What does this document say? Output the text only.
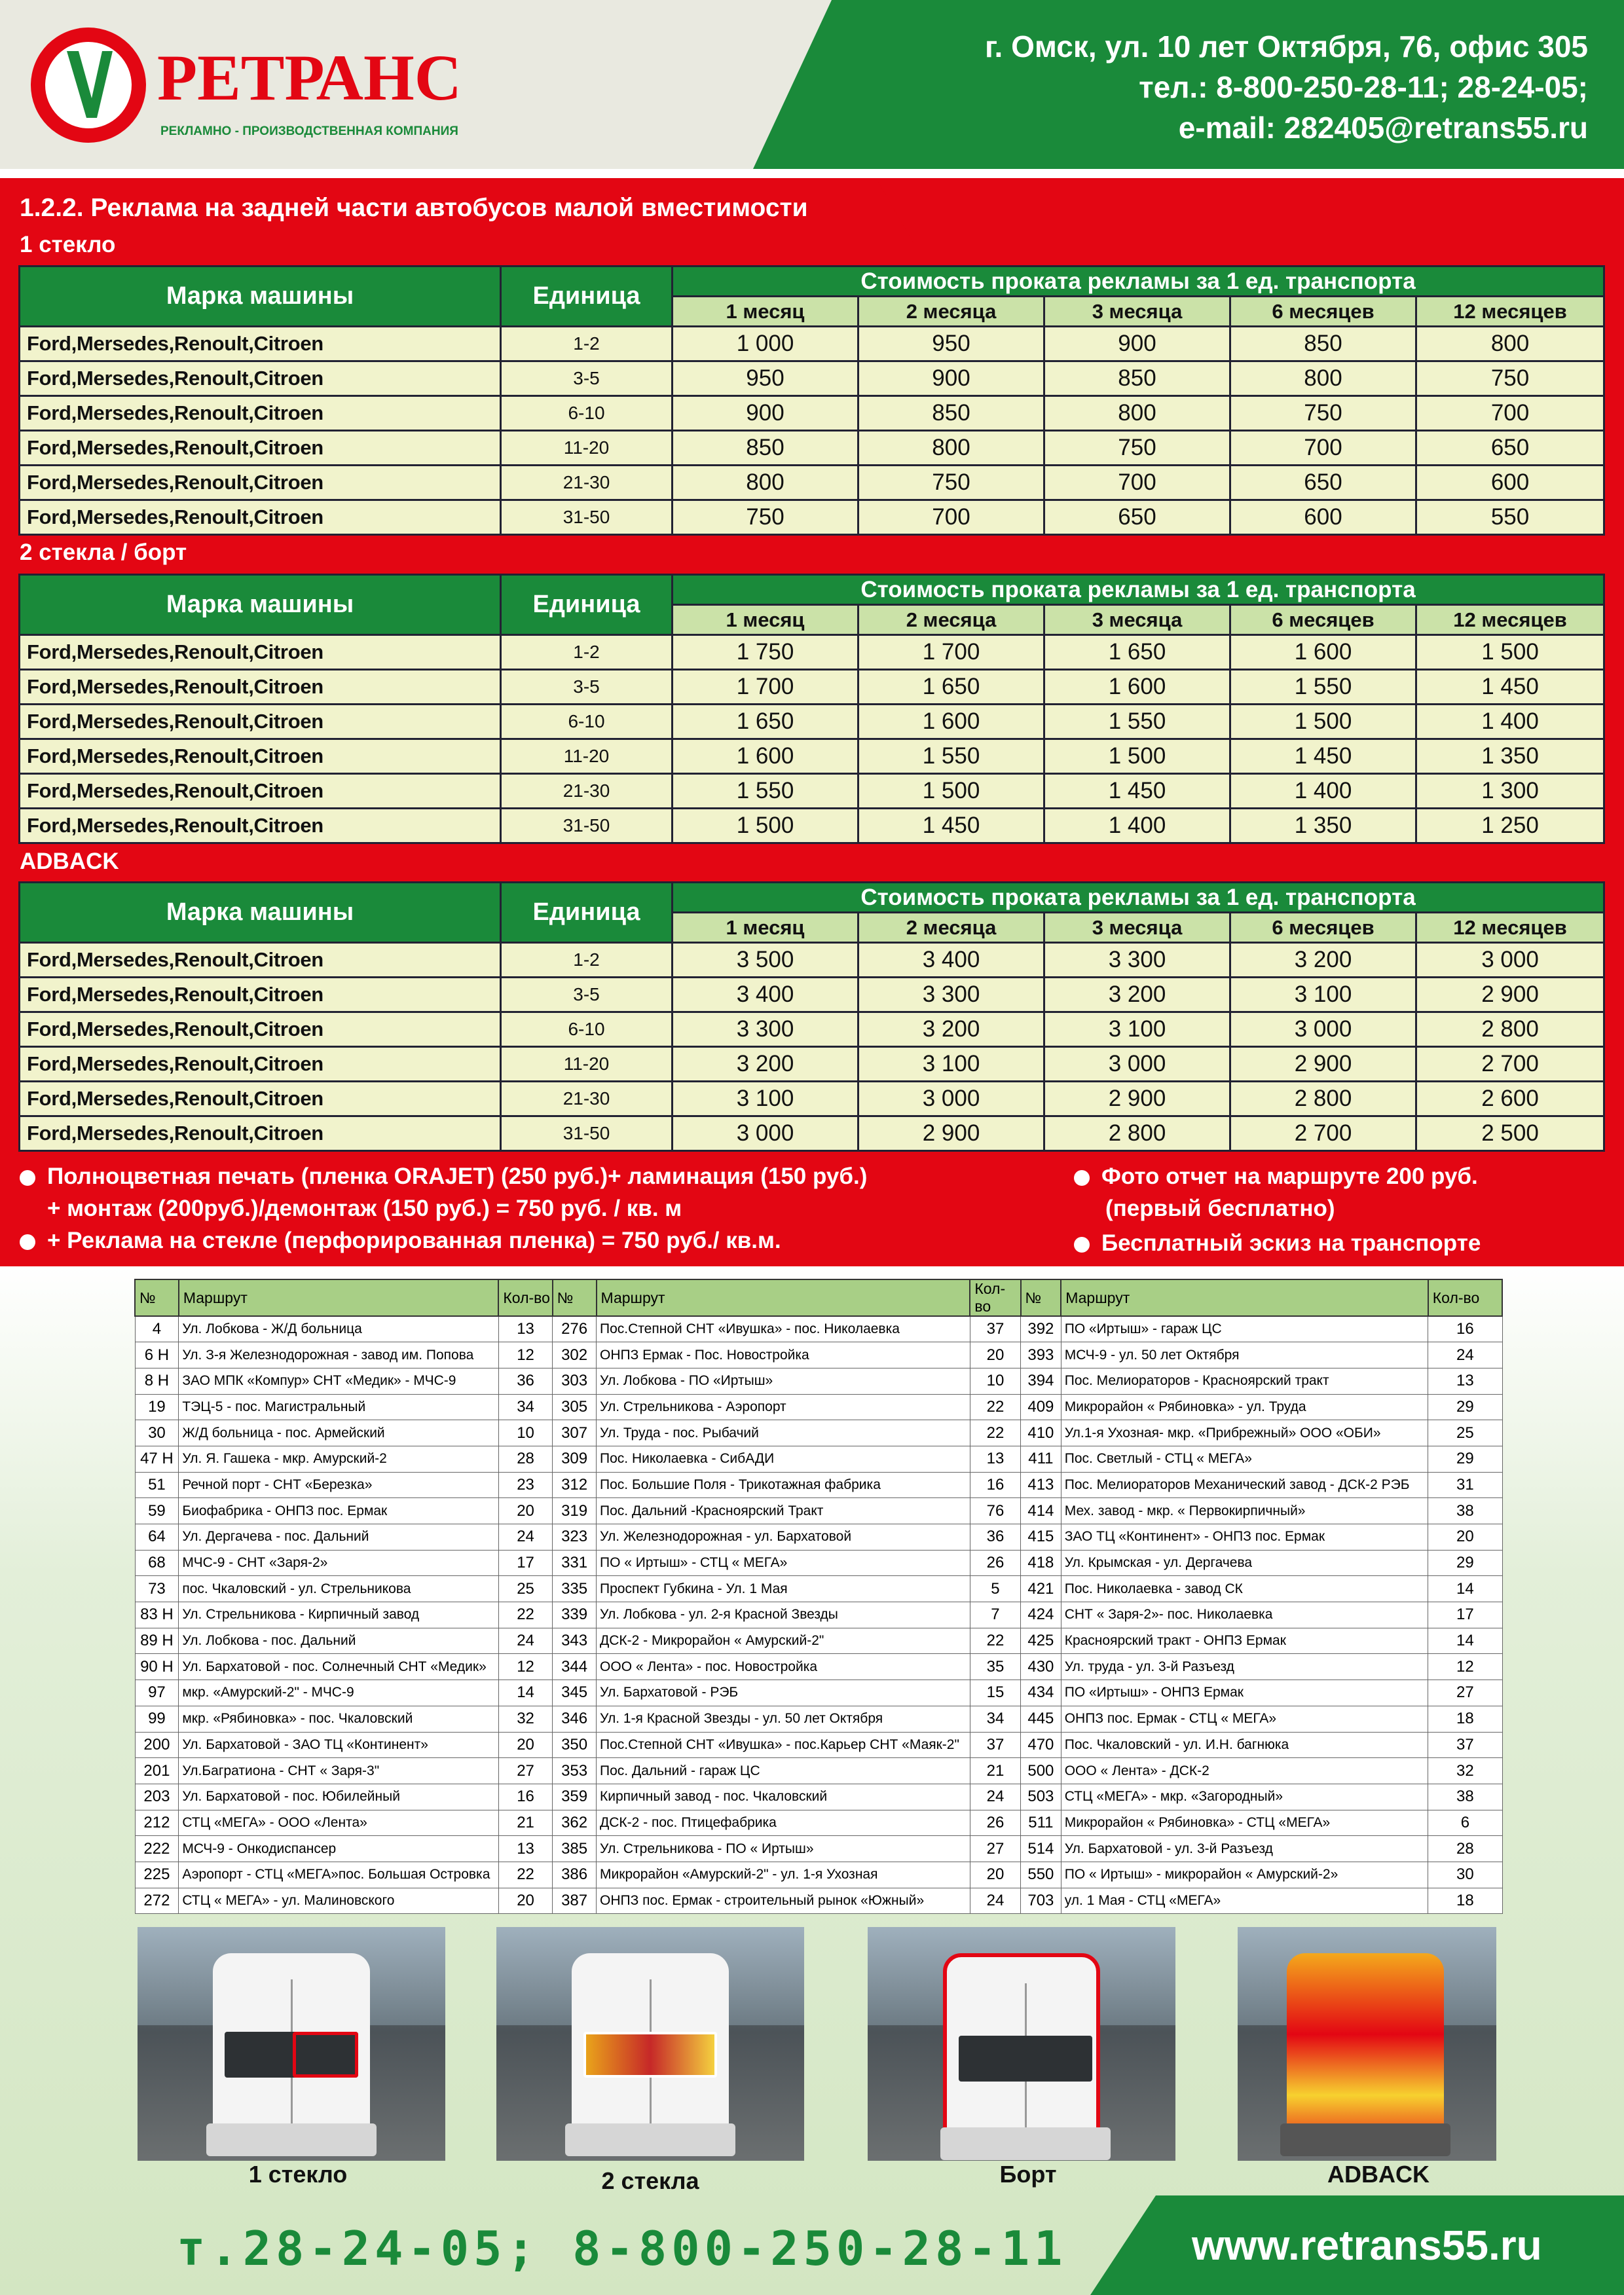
РЕТРАНС
РЕКЛАМНО - ПРОИЗВОДСТВЕННАЯ КОМПАНИЯ
г. Омск, ул. 10 лет Октября, 76, офис 305
тел.: 8-800-250-28-11; 28-24-05;
e-mail: 282405@retrans55.ru
1.2.2. Реклама на задней части автобусов малой вместимости
1 стекло
Марка машины	Единица	Стоимость проката рекламы за 1 ед. транспорта				
		1 месяц	2 месяца	3 месяца	6 месяцев	12 месяцев
Ford,Mersedes,Renoult,Citroen	1-2	1 000	950	900	850	800
Ford,Mersedes,Renoult,Citroen	3-5	950	900	850	800	750
Ford,Mersedes,Renoult,Citroen	6-10	900	850	800	750	700
Ford,Mersedes,Renoult,Citroen	11-20	850	800	750	700	650
Ford,Mersedes,Renoult,Citroen	21-30	800	750	700	650	600
Ford,Mersedes,Renoult,Citroen	31-50	750	700	650	600	550
2 стекла / борт
Марка машины	Единица	Стоимость проката рекламы за 1 ед. транспорта				
		1 месяц	2 месяца	3 месяца	6 месяцев	12 месяцев
Ford,Mersedes,Renoult,Citroen	1-2	1 750	1 700	1 650	1 600	1 500
Ford,Mersedes,Renoult,Citroen	3-5	1 700	1 650	1 600	1 550	1 450
Ford,Mersedes,Renoult,Citroen	6-10	1 650	1 600	1 550	1 500	1 400
Ford,Mersedes,Renoult,Citroen	11-20	1 600	1 550	1 500	1 450	1 350
Ford,Mersedes,Renoult,Citroen	21-30	1 550	1 500	1 450	1 400	1 300
Ford,Mersedes,Renoult,Citroen	31-50	1 500	1 450	1 400	1 350	1 250
ADBACK
Марка машины	Единица	Стоимость проката рекламы за 1 ед. транспорта				
		1 месяц	2 месяца	3 месяца	6 месяцев	12 месяцев
Ford,Mersedes,Renoult,Citroen	1-2	3 500	3 400	3 300	3 200	3 000
Ford,Mersedes,Renoult,Citroen	3-5	3 400	3 300	3 200	3 100	2 900
Ford,Mersedes,Renoult,Citroen	6-10	3 300	3 200	3 100	3 000	2 800
Ford,Mersedes,Renoult,Citroen	11-20	3 200	3 100	3 000	2 900	2 700
Ford,Mersedes,Renoult,Citroen	21-30	3 100	3 000	2 900	2 800	2 600
Ford,Mersedes,Renoult,Citroen	31-50	3 000	2 900	2 800	2 700	2 500
Полноцветная печать (пленка ORAJET) (250 руб.)+ ламинация (150 руб.)
+ монтаж (200руб.)/демонтаж (150 руб.) = 750 руб. / кв. м
+ Реклама на стекле (перфорированная пленка) = 750 руб./ кв.м.
Фото отчет на маршруте 200 руб.
(первый бесплатно)
Бесплатный эскиз на транспорте
№	Маршрут	Кол-во	№	Маршрут	Кол-во	№	Маршрут	Кол-во
4	Ул. Лобкова - Ж/Д больница	13	276	Пос.Степной СНТ «Ивушка» - пос. Николаевка	37	392	ПО «Иртыш» - гараж ЦС	16
6 Н	Ул. З-я Железнодорожная - завод им. Попова	12	302	ОНПЗ Ермак - Пос. Новостройка	20	393	МСЧ-9 - ул. 50 лет Октября	24
8 Н	ЗАО МПК «Компур» СНТ «Медик» - МЧС-9	36	303	Ул. Лобкова - ПО «Иртыш»	10	394	Пос. Мелиораторов - Красноярский тракт	13
19	ТЭЦ-5 - пос. Магистральный	34	305	Ул. Стрельникова - Аэропорт	22	409	Микрорайон « Рябиновка» - ул. Труда	29
30	Ж/Д больница - пос. Армейский	10	307	Ул. Труда - пос. Рыбачий	22	410	Ул.1-я Ухозная- мкр. «Прибрежный» ООО «ОБИ»	25
47 Н	Ул. Я. Гашека - мкр. Амурский-2	28	309	Пос. Николаевка - СибАДИ	13	411	Пос. Светлый - СТЦ « МЕГА»	29
51	Речной порт - СНТ «Березка»	23	312	Пос. Большие Поля - Трикотажная фабрика	16	413	Пос. Мелиораторов Механический завод - ДСК-2 РЭБ	31
59	Биофабрика - ОНПЗ пос. Ермак	20	319	Пос. Дальний -Красноярский Тракт	76	414	Мех. завод - мкр. « Первокирпичный»	38
64	Ул. Дергачева - пос. Дальний	24	323	Ул. Железнодорожная - ул. Бархатовой	36	415	ЗАО ТЦ «Континент» - ОНПЗ пос. Ермак	20
68	МЧС-9 - СНТ «Заря-2»	17	331	ПО « Иртыш» - СТЦ « МЕГА»	26	418	Ул. Крымская - ул. Дергачева	29
73	пос. Чкаловский - ул. Стрельникова	25	335	Проспект Губкина - Ул. 1 Мая	5	421	Пос. Николаевка - завод СК	14
83 Н	Ул. Стрельникова - Кирпичный завод	22	339	Ул. Лобкова - ул. 2-я Красной Звезды	7	424	СНТ « Заря-2»- пос. Николаевка	17
89 Н	Ул. Лобкова - пос. Дальний	24	343	ДСК-2 - Микрорайон « Амурский-2"	22	425	Красноярский тракт - ОНПЗ Ермак	14
90 Н	Ул. Бархатовой - пос. Солнечный СНТ «Медик»	12	344	ООО « Лента» - пос. Новостройка	35	430	Ул. труда - ул. 3-й Разъезд	12
97	мкр. «Амурский-2" - МЧС-9	14	345	Ул. Бархатовой - РЭБ	15	434	ПО «Иртыш» - ОНПЗ Ермак	27
99	мкр. «Рябиновка» - пос. Чкаловский	32	346	Ул. 1-я Красной Звезды - ул. 50 лет Октября	34	445	ОНПЗ пос. Ермак - СТЦ « МЕГА»	18
200	Ул. Бархатовой - ЗАО ТЦ «Континент»	20	350	Пос.Степной СНТ «Ивушка» - пос.Карьер СНТ «Маяк-2"	37	470	Пос. Чкаловский - ул. И.Н. багнюка	37
201	Ул.Багратиона - СНТ « Заря-3"	27	353	Пос. Дальний - гараж ЦС	21	500	ООО « Лента» - ДСК-2	32
203	Ул. Бархатовой - пос. Юбилейный	16	359	Кирпичный завод - пос. Чкаловский	24	503	СТЦ «МЕГА» - мкр. «Загородный»	38
212	СТЦ «МЕГА» - ООО «Лента»	21	362	ДСК-2 - пос. Птицефабрика	26	511	Микрорайон « Рябиновка» - СТЦ «МЕГА»	6
222	МСЧ-9 - Онкодиспансер	13	385	Ул. Стрельникова - ПО « Иртыш»	27	514	Ул. Бархатовой - ул. 3-й Разъезд	28
225	Аэропорт - СТЦ «МЕГА»пос. Большая Островка	22	386	Микрорайон «Амурский-2" - ул. 1-я Ухозная	20	550	ПО « Иртыш» - микрорайон « Амурский-2»	30
272	СТЦ « МЕГА» - ул. Малиновского	20	387	ОНПЗ пос. Ермак - строительный рынок «Южный»	24	703	ул. 1 Мая - СТЦ «МЕГА»	18
1 стекло	2 стекла	Борт	ADBACK
т.28-24-05; 8-800-250-28-11	www.retrans55.ru
